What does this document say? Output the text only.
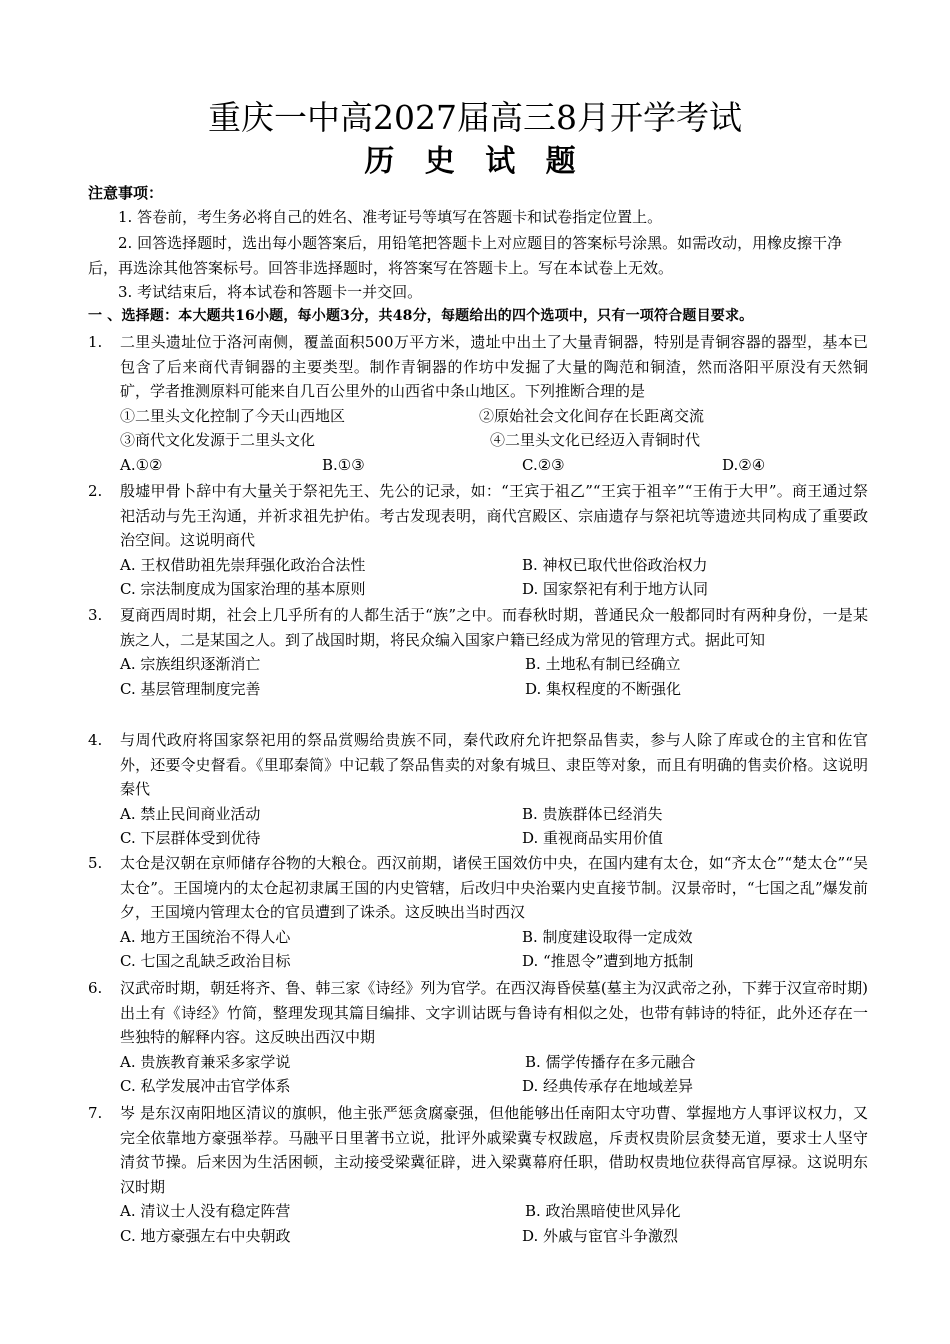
重庆一中高2027届高三8月开学考试
历 史 试 题
注意事项：
1. 答卷前，考生务必将自己的姓名、准考证号等填写在答题卡和试卷指定位置上。
2. 回答选择题时，选出每小题答案后，用铅笔把答题卡上对应题目的答案标号涂黑。如需改动，用橡皮擦干净后，再选涂其他答案标号。回答非选择题时，将答案写在答题卡上。写在本试卷上无效。
3. 考试结束后，将本试卷和答题卡一并交回。
一 、选择题：本大题共16小题，每小题3分，共48分，每题给出的四个选项中，只有一项符合题目要求。
1. 二里头遗址位于洛河南侧，覆盖面积500万平方米，遗址中出土了大量青铜器，特别是青铜容器的器型，基本已包含了后来商代青铜器的主要类型。制作青铜器的作坊中发掘了大量的陶范和铜渣，然而洛阳平原没有天然铜矿，学者推测原料可能来自几百公里外的山西省中条山地区。下列推断合理的是
①二里头文化控制了今天山西地区	②原始社会文化间存在长距离交流
③商代文化发源于二里头文化	④二里头文化已经迈入青铜时代
A.①②	B.①③	C.②③	D.②④
2. 殷墟甲骨卜辞中有大量关于祭祀先王、先公的记录，如：“王宾于祖乙”“王宾于祖辛”“王侑于大甲”。商王通过祭祀活动与先王沟通，并祈求祖先护佑。考古发现表明，商代宫殿区、宗庙遗存与祭祀坑等遗迹共同构成了重要政治空间。这说明商代
A. 王权借助祖先崇拜强化政治合法性	B. 神权已取代世俗政治权力
C. 宗法制度成为国家治理的基本原则	D. 国家祭祀有利于地方认同
3. 夏商西周时期，社会上几乎所有的人都生活于“族”之中。而春秋时期，普通民众一般都同时有两种身份，一是某族之人，二是某国之人。到了战国时期，将民众编入国家户籍已经成为常见的管理方式。据此可知
A. 宗族组织逐渐消亡	B. 土地私有制已经确立
C. 基层管理制度完善	D. 集权程度的不断强化
4. 与周代政府将国家祭祀用的祭品赏赐给贵族不同，秦代政府允许把祭品售卖，参与人除了库或仓的主官和佐官外，还要令史督看。《里耶秦简》中记载了祭品售卖的对象有城旦、隶臣等对象，而且有明确的售卖价格。这说明秦代
A. 禁止民间商业活动	B. 贵族群体已经消失
C. 下层群体受到优待	D. 重视商品实用价值
5. 太仓是汉朝在京师储存谷物的大粮仓。西汉前期，诸侯王国效仿中央，在国内建有太仓，如“齐太仓”“楚太仓”“吴太仓”。王国境内的太仓起初隶属王国的内史管辖，后改归中央治粟内史直接节制。汉景帝时，“七国之乱”爆发前夕，王国境内管理太仓的官员遭到了诛杀。这反映出当时西汉
A. 地方王国统治不得人心	B. 制度建设取得一定成效
C. 七国之乱缺乏政治目标	D. “推恩令”遭到地方抵制
6. 汉武帝时期，朝廷将齐、鲁、韩三家《诗经》列为官学。在西汉海昏侯墓(墓主为汉武帝之孙，下葬于汉宣帝时期)出土有《诗经》竹简，整理发现其篇目编排、文字训诂既与鲁诗有相似之处，也带有韩诗的特征，此外还存在一些独特的解释内容。这反映出西汉中期
A. 贵族教育兼采多家学说	B. 儒学传播存在多元融合
C. 私学发展冲击官学体系	D. 经典传承存在地域差异
7. 岑 是东汉南阳地区清议的旗帜，他主张严惩贪腐豪强，但他能够出任南阳太守功曹、掌握地方人事评议权力，又完全依靠地方豪强举荐。马融平日里著书立说，批评外戚梁冀专权跋扈，斥责权贵阶层贪婪无道，要求士人坚守清贫节操。后来因为生活困顿，主动接受梁冀征辟，进入梁冀幕府任职，借助权贵地位获得高官厚禄。这说明东汉时期
A. 清议士人没有稳定阵营	B. 政治黑暗使世风异化
C. 地方豪强左右中央朝政	D. 外戚与宦官斗争激烈
